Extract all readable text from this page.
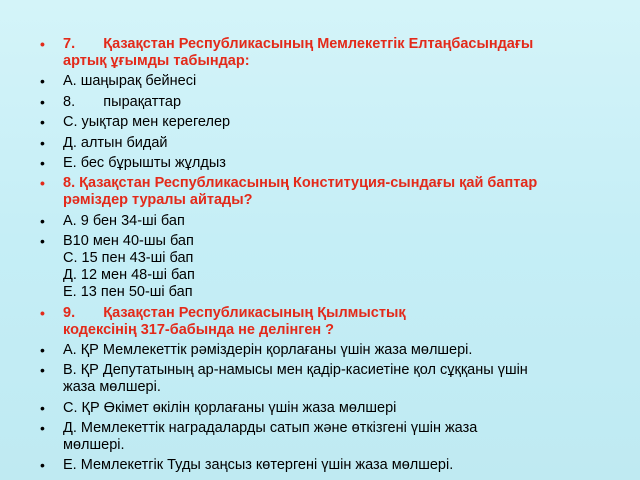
• 7.       Қазақстан Республикасының Мемлекетгік Елтаңбасындағы
артық ұғымды табындар:
• А. шаңырақ бейнесі
• 8.       пырақаттар
• С. уықтар мен керегелер
• Д. алтын бидай
• Е. бес бұрышты жұлдыз
• 8. Қазақстан Республикасының Конституция-сындағы қай баптар
рәміздер туралы айтады?
• А. 9 бен 34-ші бап
• В10 мен 40-шы бап
С. 15 пен 43-ші бап
Д. 12 мен 48-ші бап
Е. 13 пен 50-ші бап
• 9.       Қазақстан Республикасының Қылмыстық
кодексінің 317-бабында не делінген ?
• А. ҚР Мемлекеттік рәміздерін қорлағаны үшін жаза мөлшері.
• В. ҚР Депутатының ар-намысы мен қадір-касиетіне қол сұққаны үшін
жаза мөлшері.
• С. ҚР Өкімет өкілін қорлағаны үшін жаза мөлшері
• Д. Мемлекеттік наградаларды сатып және өткізгені үшін жаза
мөлшері.
• Е. Мемлекетгік Туды заңсыз көтергені үшін жаза мөлшері.
